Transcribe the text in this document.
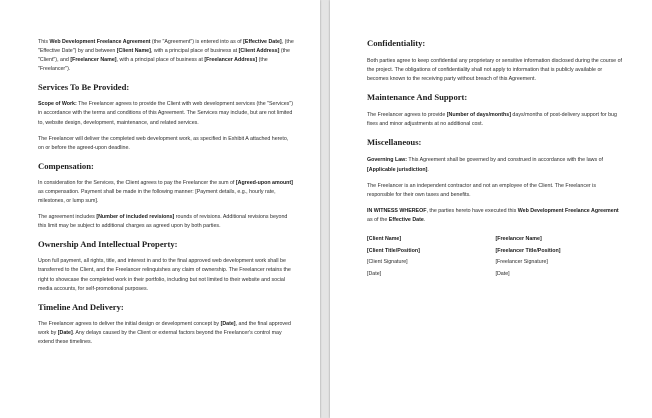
This Web Development Freelance Agreement (the "Agreement") is entered into as of [Effective Date], (the "Effective Date") by and between [Client Name], with a principal place of business at [Client Address] (the "Client"), and [Freelancer Name], with a principal place of business at [Freelancer Address] (the "Freelancer").

Services To Be Provided:

Scope of Work: The Freelancer agrees to provide the Client with web development services (the "Services") in accordance with the terms and conditions of this Agreement. The Services may include, but are not limited to, website design, development, maintenance, and related services.

The Freelancer will deliver the completed web development work, as specified in Exhibit A attached hereto, on or before the agreed-upon deadline.

Compensation:

In consideration for the Services, the Client agrees to pay the Freelancer the sum of [Agreed-upon amount] as compensation. Payment shall be made in the following manner: [Payment details, e.g., hourly rate, milestones, or lump sum].

The agreement includes [Number of included revisions] rounds of revisions. Additional revisions beyond this limit may be subject to additional charges as agreed upon by both parties.

Ownership And Intellectual Property:

Upon full payment, all rights, title, and interest in and to the final approved web development work shall be transferred to the Client, and the Freelancer relinquishes any claim of ownership. The Freelancer retains the right to showcase the completed work in their portfolio, including but not limited to their website and social media accounts, for self-promotional purposes.

Timeline And Delivery:

The Freelancer agrees to deliver the initial design or development concept by [Date], and the final approved work by [Date]. Any delays caused by the Client or external factors beyond the Freelancer's control may extend these timelines.

Confidentiality:

Both parties agree to keep confidential any proprietary or sensitive information disclosed during the course of the project. The obligations of confidentiality shall not apply to information that is publicly available or becomes known to the receiving party without breach of this Agreement.

Maintenance And Support:

The Freelancer agrees to provide [Number of days/months] days/months of post-delivery support for bug fixes and minor adjustments at no additional cost.

Miscellaneous:

Governing Law: This Agreement shall be governed by and construed in accordance with the laws of [Applicable jurisdiction].

The Freelancer is an independent contractor and not an employee of the Client. The Freelancer is responsible for their own taxes and benefits.

IN WITNESS WHEREOF, the parties hereto have executed this Web Development Freelance Agreement as of the Effective Date.

[Client Name]
[Client Title/Position]
[Client Signature]
[Date]
[Freelancer Name]
[Freelancer Title/Position]
[Freelancer Signature]
[Date]
